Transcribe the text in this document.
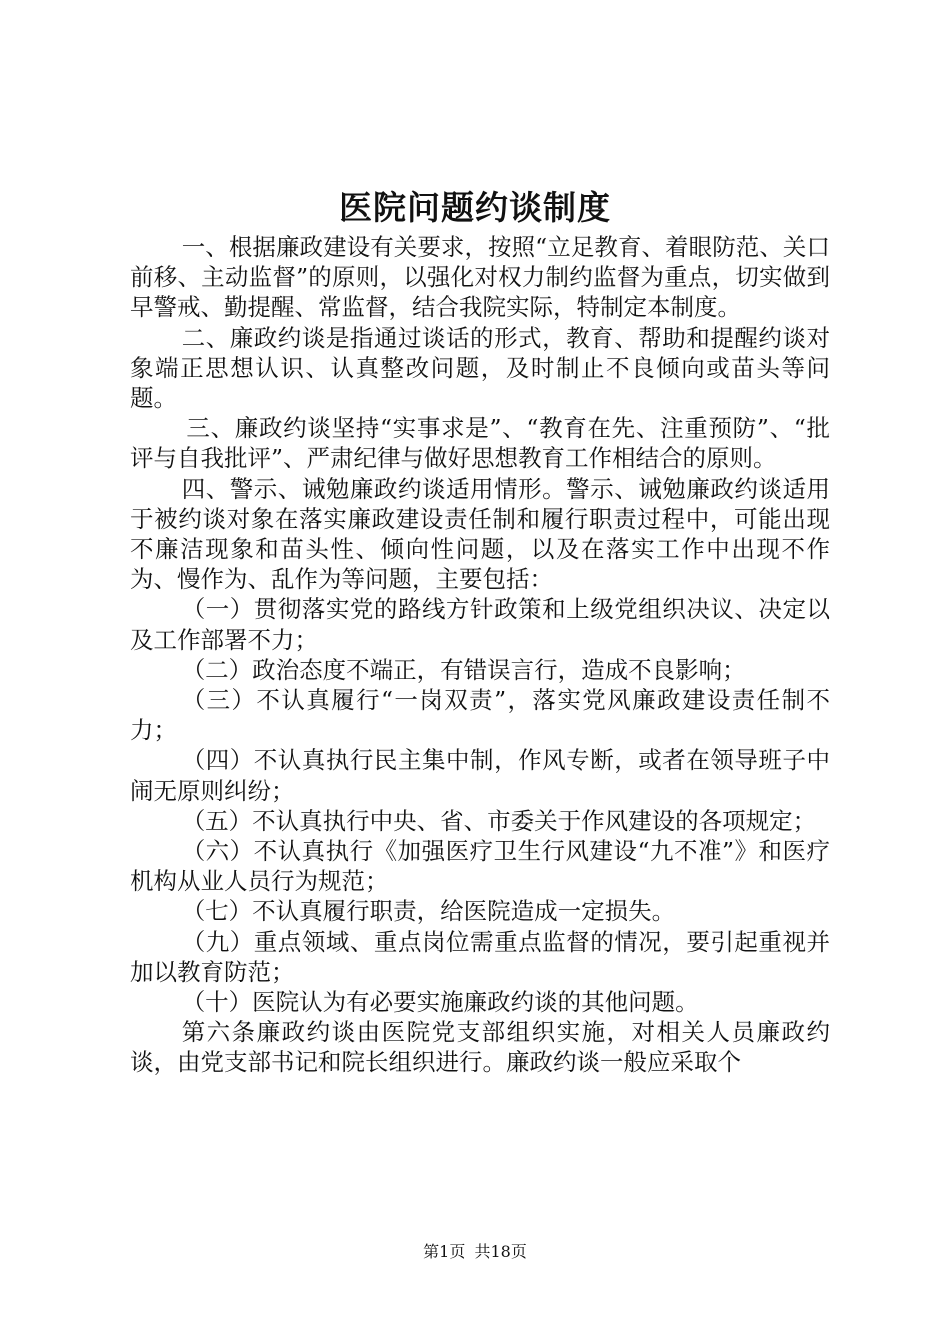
医院问题约谈制度

一、根据廉政建设有关要求，按照“立足教育、着眼防范、关口前移、主动监督”的原则，以强化对权力制约监督为重点，切实做到早警戒、勤提醒、常监督，结合我院实际，特制定本制度。

二、廉政约谈是指通过谈话的形式，教育、帮助和提醒约谈对象端正思想认识、认真整改问题，及时制止不良倾向或苗头等问题。

三、廉政约谈坚持“实事求是”、“教育在先、注重预防”、“批评与自我批评”、严肃纪律与做好思想教育工作相结合的原则。

四、警示、诫勉廉政约谈适用情形。警示、诫勉廉政约谈适用于被约谈对象在落实廉政建设责任制和履行职责过程中，可能出现不廉洁现象和苗头性、倾向性问题，以及在落实工作中出现不作为、慢作为、乱作为等问题，主要包括：

（一）贯彻落实党的路线方针政策和上级党组织决议、决定以及工作部署不力；

（二）政治态度不端正，有错误言行，造成不良影响；

（三）不认真履行“一岗双责”，落实党风廉政建设责任制不力；

（四）不认真执行民主集中制，作风专断，或者在领导班子中闹无原则纠纷；

（五）不认真执行中央、省、市委关于作风建设的各项规定；

（六）不认真执行《加强医疗卫生行风建设“九不准”》和医疗机构从业人员行为规范；

（七）不认真履行职责，给医院造成一定损失。

（九）重点领域、重点岗位需重点监督的情况，要引起重视并加以教育防范；

（十）医院认为有必要实施廉政约谈的其他问题。

第六条廉政约谈由医院党支部组织实施，对相关人员廉政约谈，由党支部书记和院长组织进行。廉政约谈一般应采取个

第1页 共18页
